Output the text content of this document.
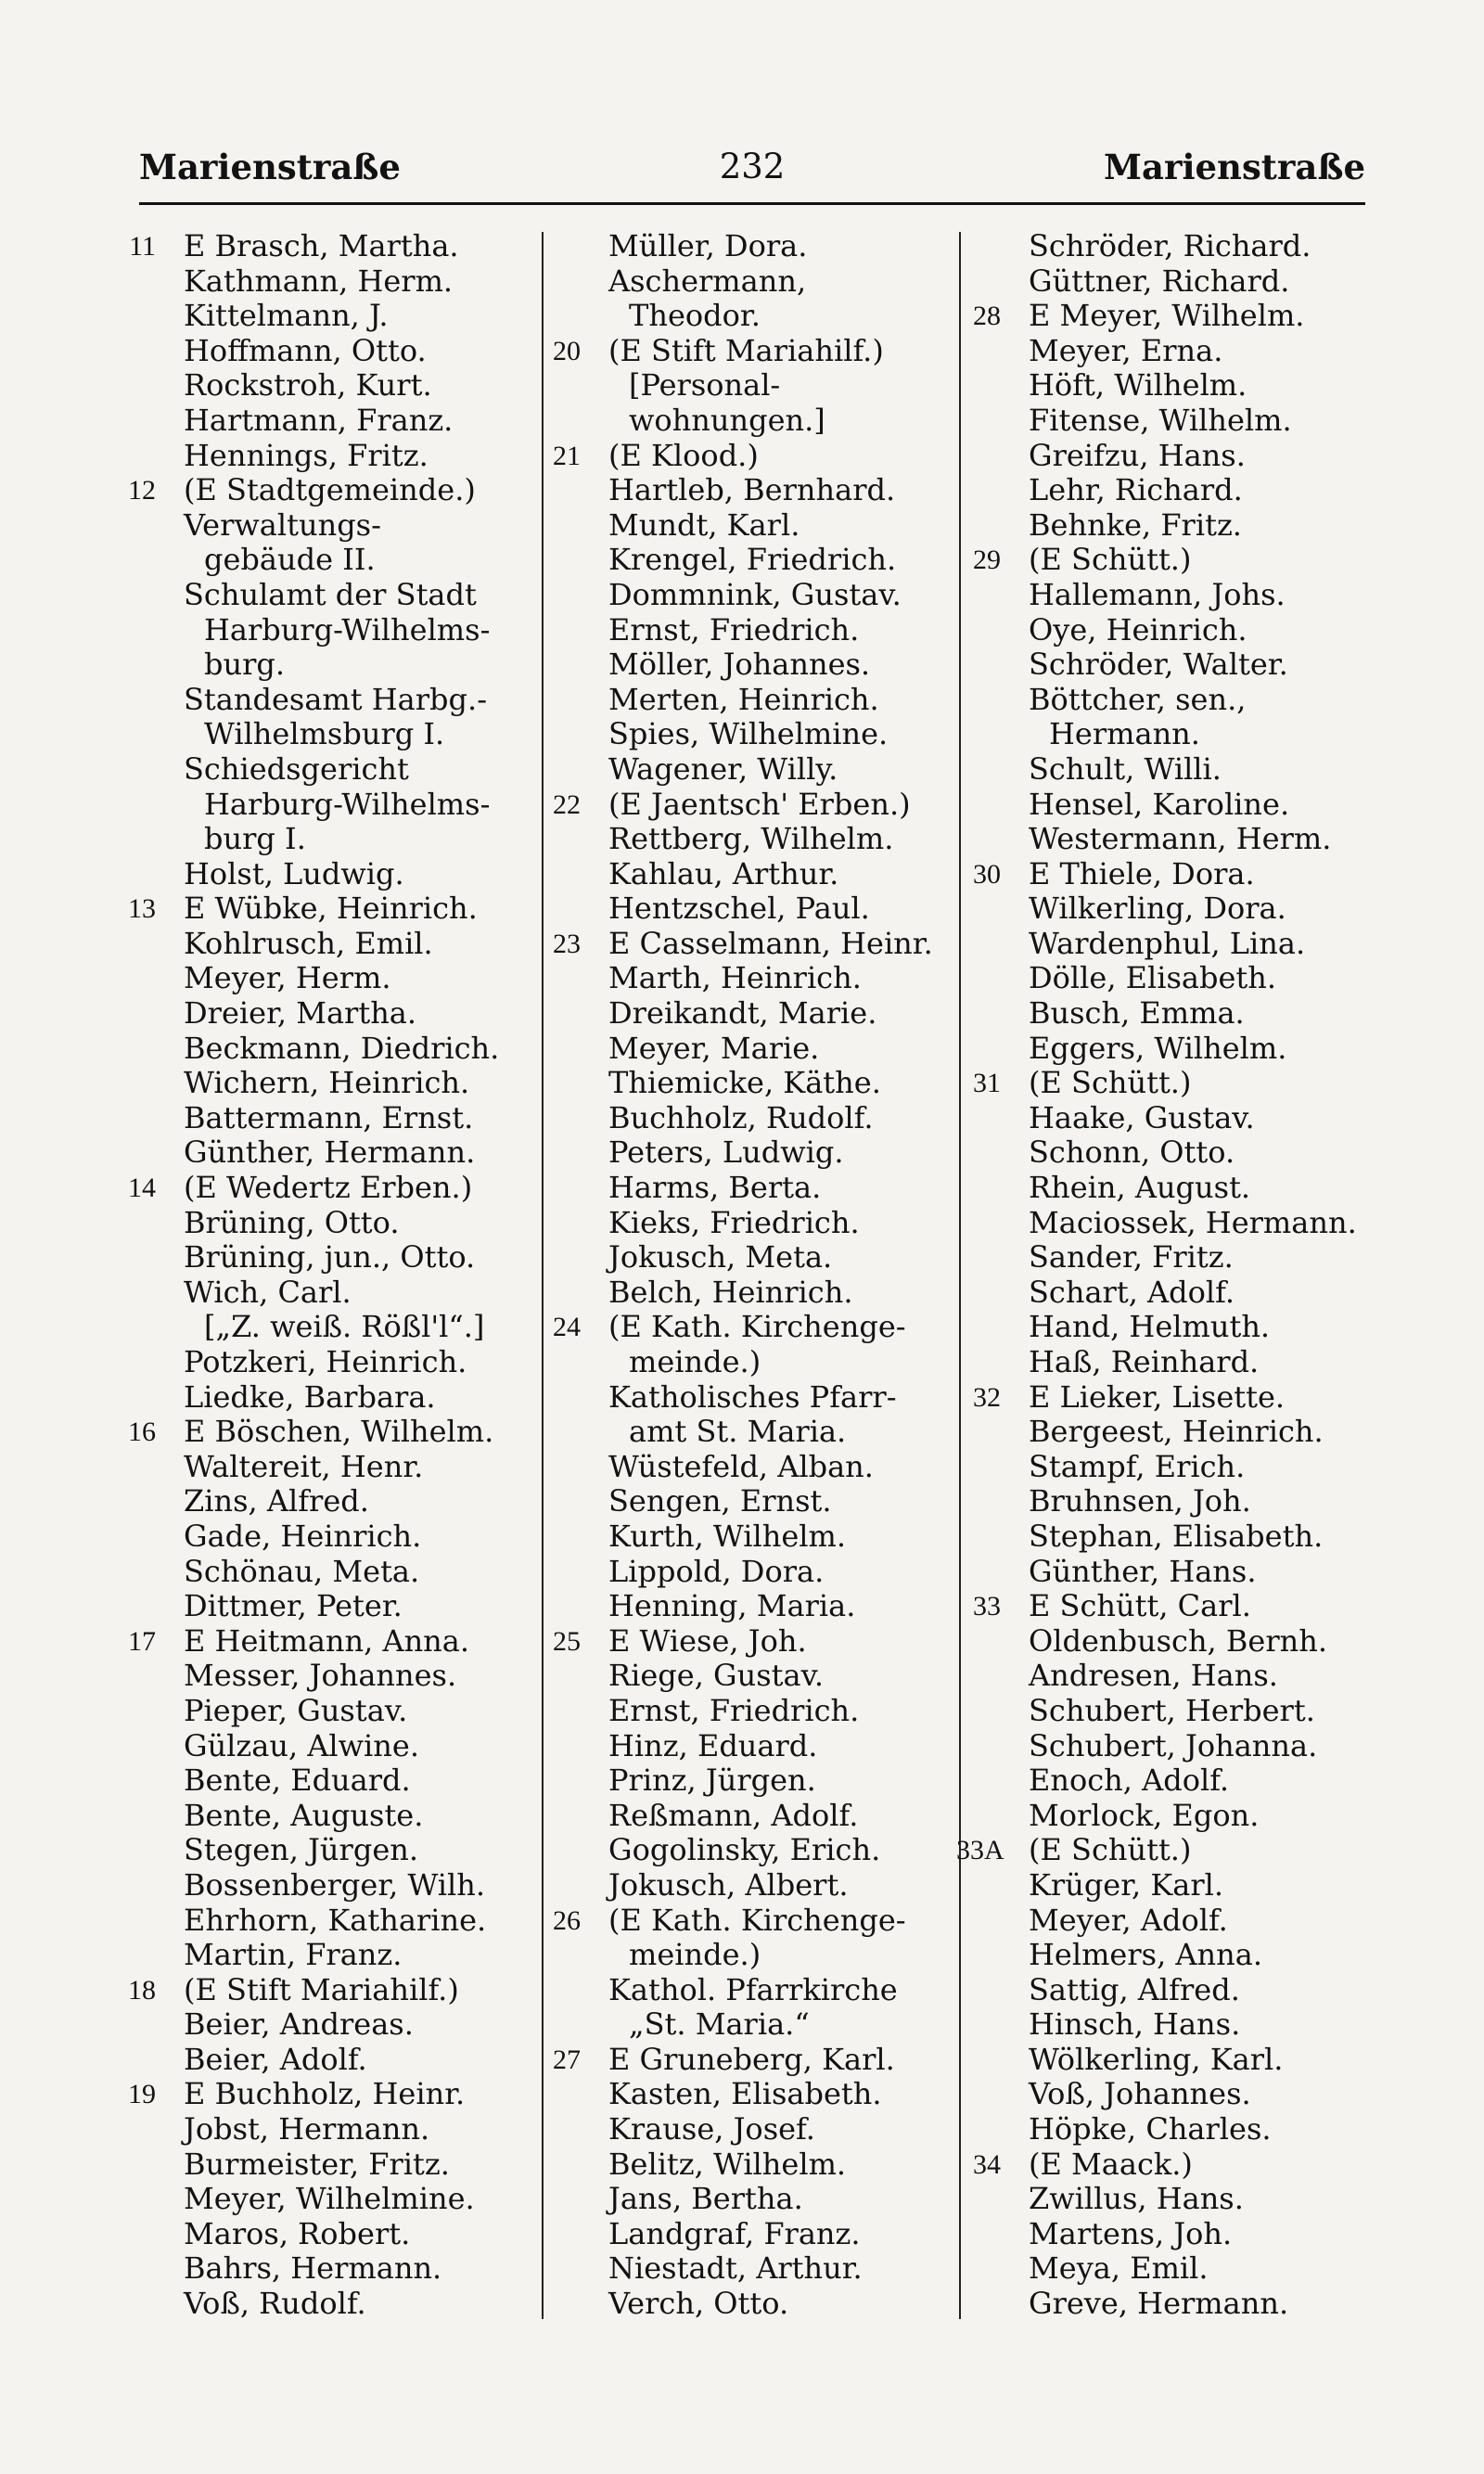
232
Marienstraße	Marienstraße
11 E Brasch, Martha.
Kathmann, Herm.
Kittelmann, J.
Hoffmann, Otto.
Rockstroh, Kurt.
Hartmann, Franz.
Hennings, Fritz.
12 (E Stadtgemeinde.)
Verwaltungs-
gebäude II.
Schulamt der Stadt
Harburg-Wilhelms-
burg.
Standesamt Harbg.-
Wilhelmsburg I.
Schiedsgericht
Harburg-Wilhelms-
burg I.
Holst, Ludwig.
13 E Wübke, Heinrich.
Kohlrusch, Emil.
Meyer, Herm.
Dreier, Martha.
Beckmann, Diedrich.
Wichern, Heinrich.
Battermann, Ernst.
Günther, Hermann.
14 (E Wedertz Erben.)
Brüning, Otto.
Brüning, jun., Otto.
Wich, Carl.
[„Z. weiß. Rößl'l“.]
Potzkeri, Heinrich.
Liedke, Barbara.
16 E Böschen, Wilhelm.
Waltereit, Henr.
Zins, Alfred.
Gade, Heinrich.
Schönau, Meta.
Dittmer, Peter.
17 E Heitmann, Anna.
Messer, Johannes.
Pieper, Gustav.
Gülzau, Alwine.
Bente, Eduard.
Bente, Auguste.
Stegen, Jürgen.
Bossenberger, Wilh.
Ehrhorn, Katharine.
Martin, Franz.
18 (E Stift Mariahilf.)
Beier, Andreas.
Beier, Adolf.
19 E Buchholz, Heinr.
Jobst, Hermann.
Burmeister, Fritz.
Meyer, Wilhelmine.
Maros, Robert.
Bahrs, Hermann.
Voß, Rudolf.
Müller, Dora.
Aschermann,
Theodor.
20 (E Stift Mariahilf.)
[Personal-
wohnungen.]
21 (E Klood.)
Hartleb, Bernhard.
Mundt, Karl.
Krengel, Friedrich.
Dommnink, Gustav.
Ernst, Friedrich.
Möller, Johannes.
Merten, Heinrich.
Spies, Wilhelmine.
Wagener, Willy.
22 (E Jaentsch' Erben.)
Rettberg, Wilhelm.
Kahlau, Arthur.
Hentzschel, Paul.
23 E Casselmann, Heinr.
Marth, Heinrich.
Dreikandt, Marie.
Meyer, Marie.
Thiemicke, Käthe.
Buchholz, Rudolf.
Peters, Ludwig.
Harms, Berta.
Kieks, Friedrich.
Jokusch, Meta.
Belch, Heinrich.
24 (E Kath. Kirchenge-
meinde.)
Katholisches Pfarr-
amt St. Maria.
Wüstefeld, Alban.
Sengen, Ernst.
Kurth, Wilhelm.
Lippold, Dora.
Henning, Maria.
25 E Wiese, Joh.
Riege, Gustav.
Ernst, Friedrich.
Hinz, Eduard.
Prinz, Jürgen.
Reßmann, Adolf.
Gogolinsky, Erich.
Jokusch, Albert.
26 (E Kath. Kirchenge-
meinde.)
Kathol. Pfarrkirche
„St. Maria.“
27 E Gruneberg, Karl.
Kasten, Elisabeth.
Krause, Josef.
Belitz, Wilhelm.
Jans, Bertha.
Landgraf, Franz.
Niestadt, Arthur.
Verch, Otto.
Schröder, Richard.
Güttner, Richard.
28 E Meyer, Wilhelm.
Meyer, Erna.
Höft, Wilhelm.
Fitense, Wilhelm.
Greifzu, Hans.
Lehr, Richard.
Behnke, Fritz.
29 (E Schütt.)
Hallemann, Johs.
Oye, Heinrich.
Schröder, Walter.
Böttcher, sen.,
Hermann.
Schult, Willi.
Hensel, Karoline.
Westermann, Herm.
30 E Thiele, Dora.
Wilkerling, Dora.
Wardenphul, Lina.
Dölle, Elisabeth.
Busch, Emma.
Eggers, Wilhelm.
31 (E Schütt.)
Haake, Gustav.
Schonn, Otto.
Rhein, August.
Maciossek, Hermann.
Sander, Fritz.
Schart, Adolf.
Hand, Helmuth.
Haß, Reinhard.
32 E Lieker, Lisette.
Bergeest, Heinrich.
Stampf, Erich.
Bruhnsen, Joh.
Stephan, Elisabeth.
Günther, Hans.
33 E Schütt, Carl.
Oldenbusch, Bernh.
Andresen, Hans.
Schubert, Herbert.
Schubert, Johanna.
Enoch, Adolf.
Morlock, Egon.
33A (E Schütt.)
Krüger, Karl.
Meyer, Adolf.
Helmers, Anna.
Sattig, Alfred.
Hinsch, Hans.
Wölkerling, Karl.
Voß, Johannes.
Höpke, Charles.
34 (E Maack.)
Zwillus, Hans.
Martens, Joh.
Meya, Emil.
Greve, Hermann.
